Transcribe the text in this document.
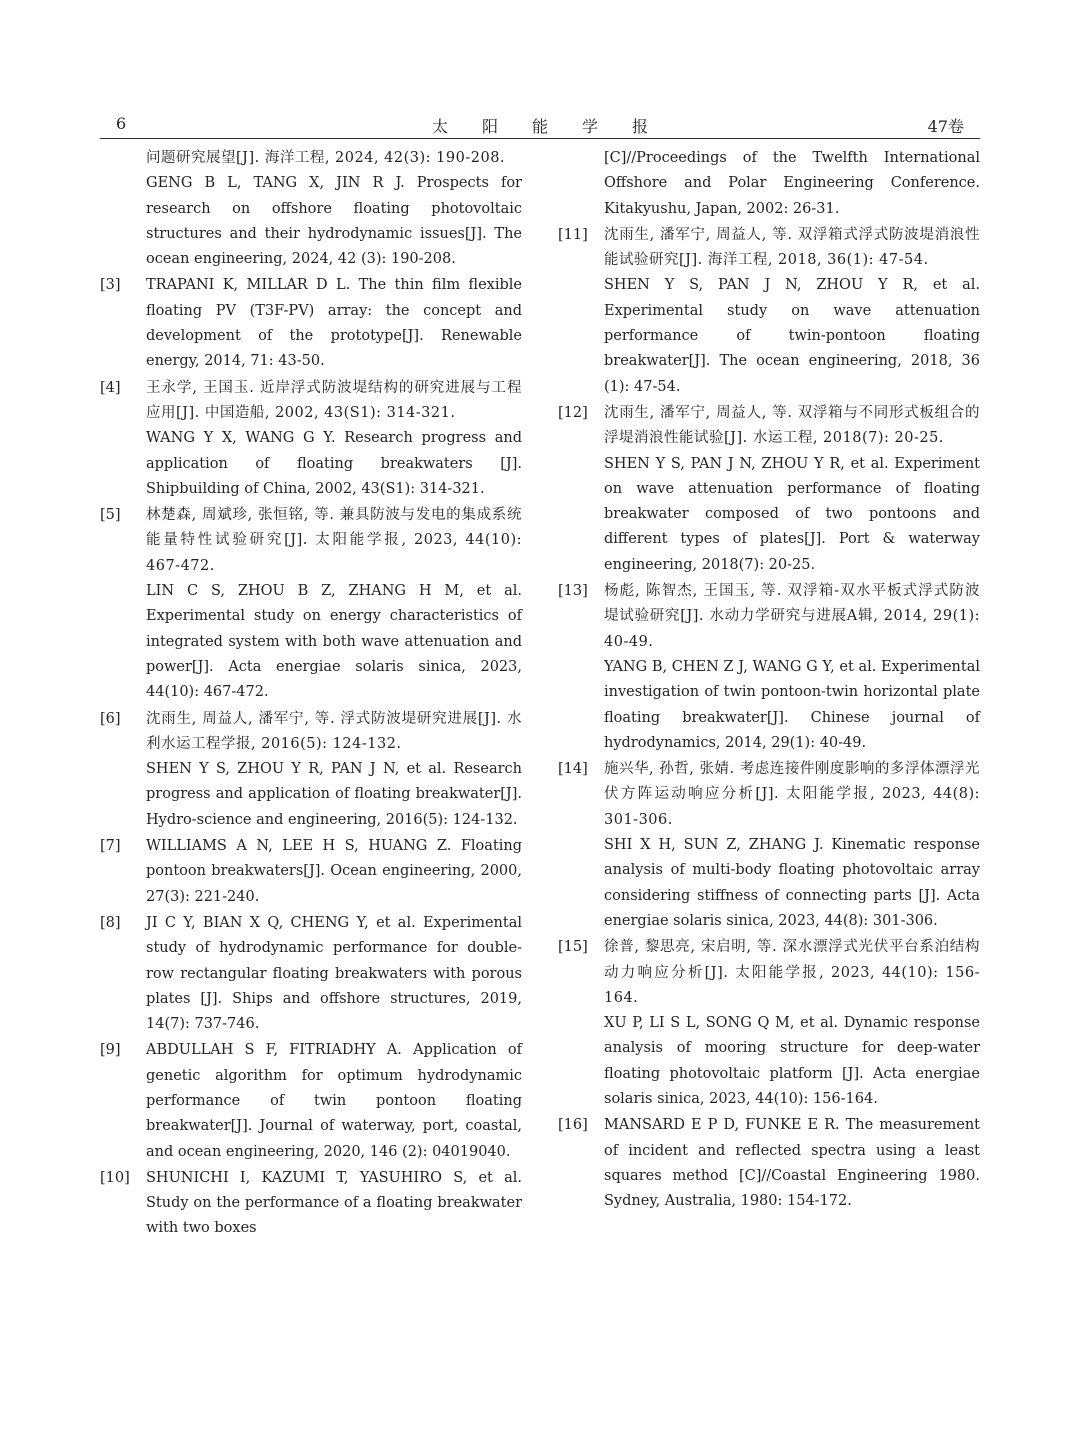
6	太阳能学报	47卷

问题研究展望[J]. 海洋工程, 2024, 42(3): 190-208.

GENG B L, TANG X, JIN R J. Prospects for research on offshore floating photovoltaic structures and their hydrodynamic issues[J]. The ocean engineering, 2024, 42 (3): 190-208.

[3]	TRAPANI K, MILLAR D L. The thin film flexible floating PV (T3F-PV) array: the concept and development of the prototype[J]. Renewable energy, 2014, 71: 43-50.

[4]	王永学, 王国玉. 近岸浮式防波堤结构的研究进展与工程应用[J]. 中国造船, 2002, 43(S1): 314-321.

WANG Y X, WANG G Y. Research progress and application of floating breakwaters [J]. Shipbuilding of China, 2002, 43(S1): 314-321.

[5]	林楚森, 周斌珍, 张恒铭, 等. 兼具防波与发电的集成系统能量特性试验研究[J]. 太阳能学报, 2023, 44(10): 467-472.

LIN C S, ZHOU B Z, ZHANG H M, et al. Experimental study on energy characteristics of integrated system with both wave attenuation and power[J]. Acta energiae solaris sinica, 2023, 44(10): 467-472.

[6]	沈雨生, 周益人, 潘军宁, 等. 浮式防波堤研究进展[J]. 水利水运工程学报, 2016(5): 124-132.

SHEN Y S, ZHOU Y R, PAN J N, et al. Research progress and application of floating breakwater[J]. Hydro-science and engineering, 2016(5): 124-132.

[7]	WILLIAMS A N, LEE H S, HUANG Z. Floating pontoon breakwaters[J]. Ocean engineering, 2000, 27(3): 221-240.

[8]	JI C Y, BIAN X Q, CHENG Y, et al. Experimental study of hydrodynamic performance for double-row rectangular floating breakwaters with porous plates [J]. Ships and offshore structures, 2019, 14(7): 737-746.

[9]	ABDULLAH S F, FITRIADHY A. Application of genetic algorithm for optimum hydrodynamic performance of twin pontoon floating breakwater[J]. Journal of waterway, port, coastal, and ocean engineering, 2020, 146 (2): 04019040.

[10]	SHUNICHI I, KAZUMI T, YASUHIRO S, et al. Study on the performance of a floating breakwater with two boxes

[C]//Proceedings of the Twelfth International Offshore and Polar Engineering Conference. Kitakyushu, Japan, 2002: 26-31.

[11]	沈雨生, 潘军宁, 周益人, 等. 双浮箱式浮式防波堤消浪性能试验研究[J]. 海洋工程, 2018, 36(1): 47-54.

SHEN Y S, PAN J N, ZHOU Y R, et al. Experimental study on wave attenuation performance of twin-pontoon floating breakwater[J]. The ocean engineering, 2018, 36 (1): 47-54.

[12]	沈雨生, 潘军宁, 周益人, 等. 双浮箱与不同形式板组合的浮堤消浪性能试验[J]. 水运工程, 2018(7): 20-25.

SHEN Y S, PAN J N, ZHOU Y R, et al. Experiment on wave attenuation performance of floating breakwater composed of two pontoons and different types of plates[J]. Port & waterway engineering, 2018(7): 20-25.

[13]	杨彪, 陈智杰, 王国玉, 等. 双浮箱-双水平板式浮式防波堤试验研究[J]. 水动力学研究与进展A辑, 2014, 29(1): 40-49.

YANG B, CHEN Z J, WANG G Y, et al. Experimental investigation of twin pontoon-twin horizontal plate floating breakwater[J]. Chinese journal of hydrodynamics, 2014, 29(1): 40-49.

[14]	施兴华, 孙哲, 张婧. 考虑连接件刚度影响的多浮体漂浮光伏方阵运动响应分析[J]. 太阳能学报, 2023, 44(8): 301-306.

SHI X H, SUN Z, ZHANG J. Kinematic response analysis of multi-body floating photovoltaic array considering stiffness of connecting parts [J]. Acta energiae solaris sinica, 2023, 44(8): 301-306.

[15]	徐普, 黎思亮, 宋启明, 等. 深水漂浮式光伏平台系泊结构动力响应分析[J]. 太阳能学报, 2023, 44(10): 156-164.

XU P, LI S L, SONG Q M, et al. Dynamic response analysis of mooring structure for deep-water floating photovoltaic platform [J]. Acta energiae solaris sinica, 2023, 44(10): 156-164.

[16]	MANSARD E P D, FUNKE E R. The measurement of incident and reflected spectra using a least squares method [C]//Coastal Engineering 1980. Sydney, Australia, 1980: 154-172.
